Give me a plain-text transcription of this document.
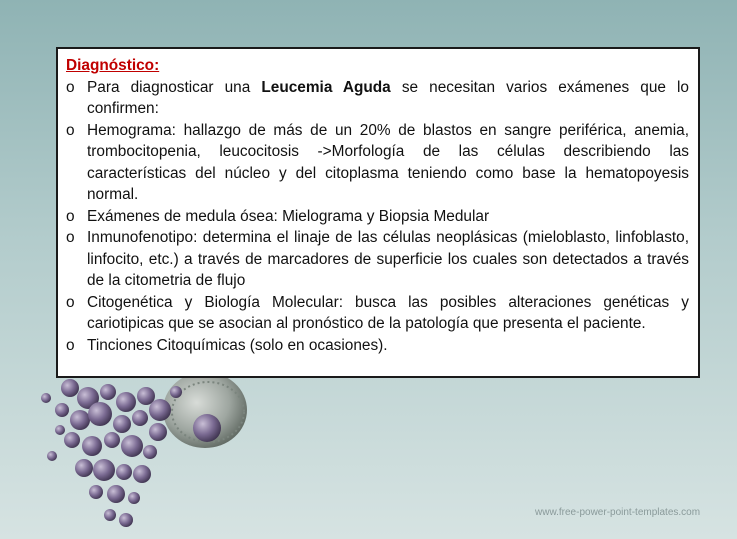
Diagnóstico:

o Para diagnosticar una Leucemia Aguda se necesitan varios exámenes que lo confirmen:
o Hemograma: hallazgo de más de un 20% de blastos en sangre periférica, anemia, trombocitopenia, leucocitosis ->Morfología de las células describiendo las características del núcleo y del citoplasma teniendo como base la hematopoyesis normal.
o Exámenes de medula ósea: Mielograma y Biopsia Medular
o Inmunofenotipo: determina el linaje de las células neoplásicas (mieloblasto, linfoblasto, linfocito, etc.) a través de marcadores de superficie los cuales son detectados a través de la citometria de flujo
o Citogenética y Biología Molecular: busca las posibles alteraciones genéticas y cariotipicas que se asocian al pronóstico de la patología que presenta el paciente.
o Tinciones Citoquímicas (solo en ocasiones).
www.free-power-point-templates.com
